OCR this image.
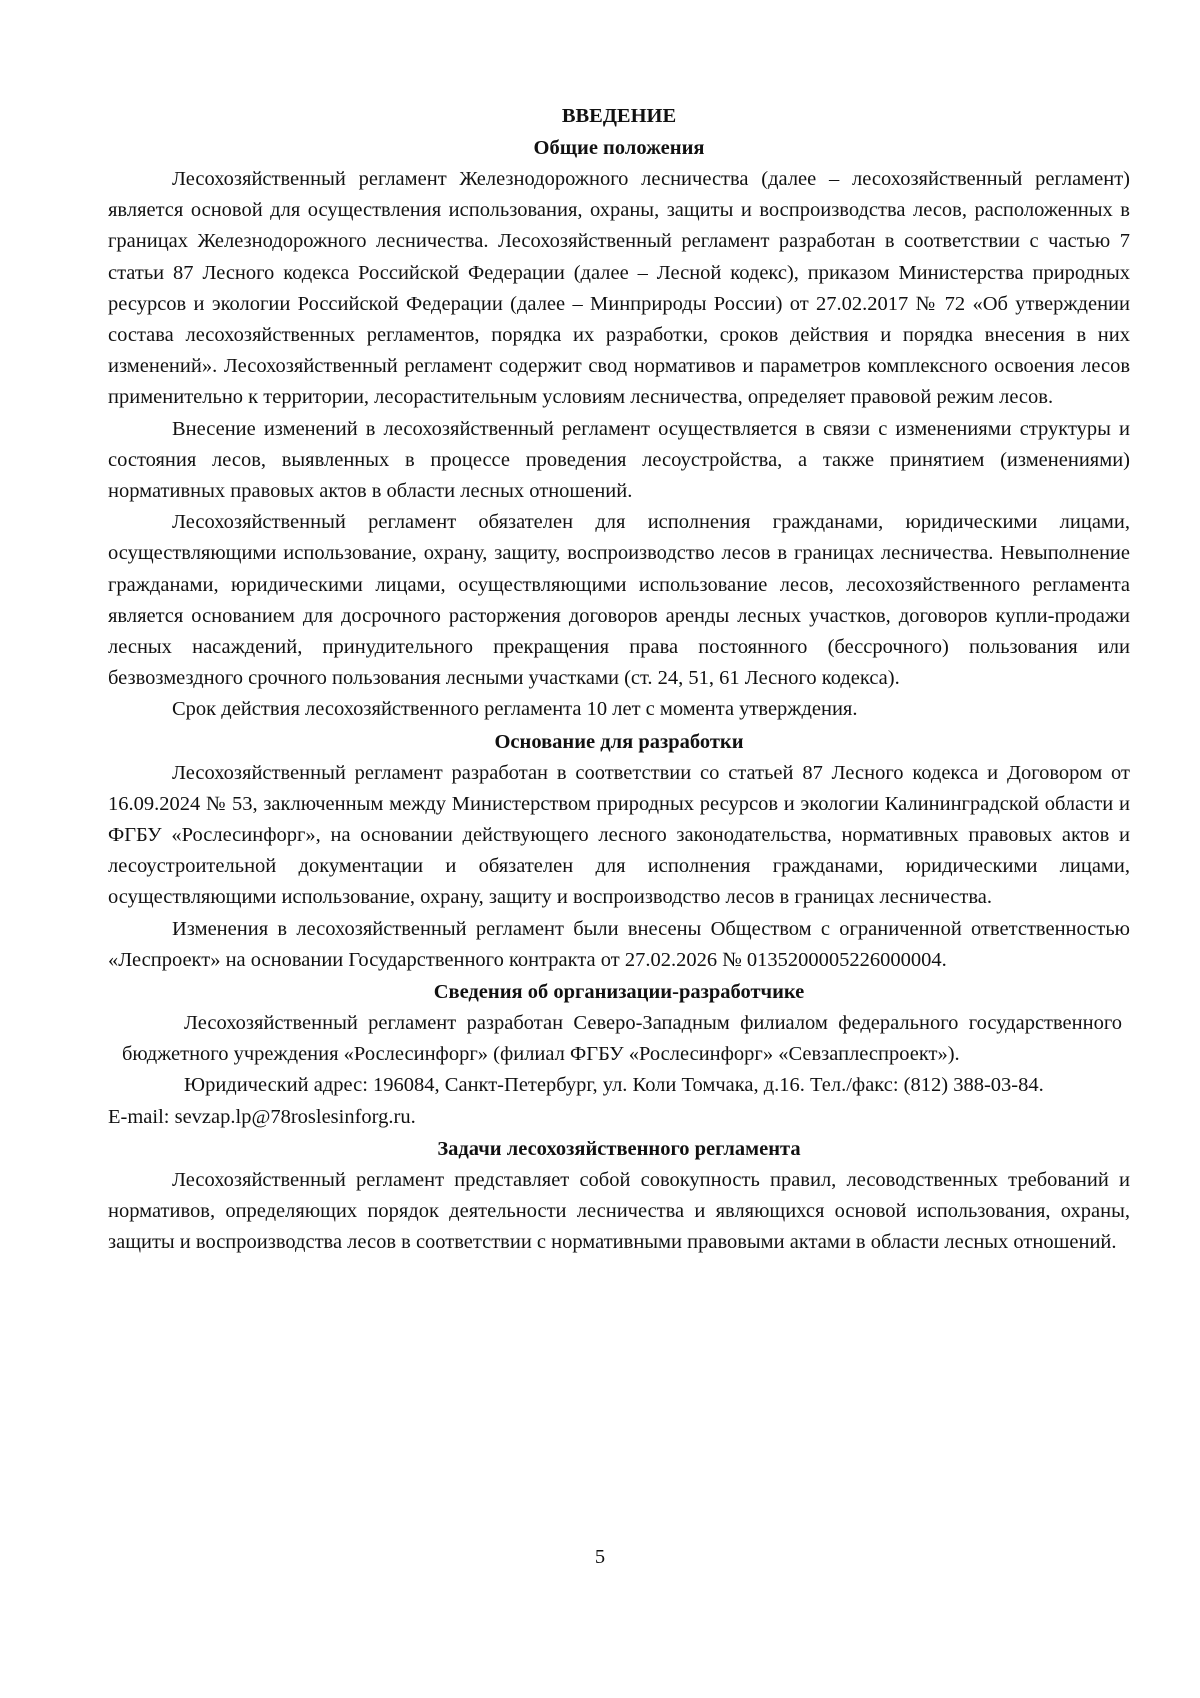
ВВЕДЕНИЕ
Общие положения

Лесохозяйственный регламент Железнодорожного лесничества (далее – лесохозяйственный регламент) является основой для осуществления использования, охраны, защиты и воспроизводства лесов, расположенных в границах Железнодорожного лесничества. Лесохозяйственный регламент разработан в соответствии с частью 7 статьи 87 Лесного кодекса Российской Федерации (далее – Лесной кодекс), приказом Министерства природных ресурсов и экологии Российской Федерации (далее – Минприроды России) от 27.02.2017 № 72 «Об утверждении состава лесохозяйственных регламентов, порядка их разработки, сроков действия и порядка внесения в них изменений». Лесохозяйственный регламент содержит свод нормативов и параметров комплексного освоения лесов применительно к территории, лесорастительным условиям лесничества, определяет правовой режим лесов.

Внесение изменений в лесохозяйственный регламент осуществляется в связи с изменениями структуры и состояния лесов, выявленных в процессе проведения лесоустройства, а также принятием (изменениями) нормативных правовых актов в области лесных отношений.

Лесохозяйственный регламент обязателен для исполнения гражданами, юридическими лицами, осуществляющими использование, охрану, защиту, воспроизводство лесов в границах лесничества. Невыполнение гражданами, юридическими лицами, осуществляющими использование лесов, лесохозяйственного регламента является основанием для досрочного расторжения договоров аренды лесных участков, договоров купли-продажи лесных насаждений, принудительного прекращения права постоянного (бессрочного) пользования или безвозмездного срочного пользования лесными участками (ст. 24, 51, 61 Лесного кодекса).

Срок действия лесохозяйственного регламента 10 лет с момента утверждения.

Основание для разработки

Лесохозяйственный регламент разработан в соответствии со статьей 87 Лесного кодекса и Договором от 16.09.2024 № 53, заключенным между Министерством природных ресурсов и экологии Калининградской области и ФГБУ «Рослесинфорг», на основании действующего лесного законодательства, нормативных правовых актов и лесоустроительной документации и обязателен для исполнения гражданами, юридическими лицами, осуществляющими использование, охрану, защиту и воспроизводство лесов в границах лесничества.

Изменения в лесохозяйственный регламент были внесены Обществом с ограниченной ответственностью «Леспроект» на основании Государственного контракта от 27.02.2026 № 0135200005226000004.

Сведения об организации-разработчике

Лесохозяйственный регламент разработан Северо-Западным филиалом федерального государственного бюджетного учреждения «Рослесинфорг» (филиал ФГБУ «Рослесинфорг» «Севзаплеспроект»).

Юридический адрес: 196084, Санкт-Петербург, ул. Коли Томчака, д.16. Тел./факс: (812) 388-03-84.

E-mail: sevzap.lp@78roslesinforg.ru.

Задачи лесохозяйственного регламента

Лесохозяйственный регламент представляет собой совокупность правил, лесоводственных требований и нормативов, определяющих порядок деятельности лесничества и являющихся основой использования, охраны, защиты и воспроизводства лесов в соответствии с нормативными правовыми актами в области лесных отношений.

5
